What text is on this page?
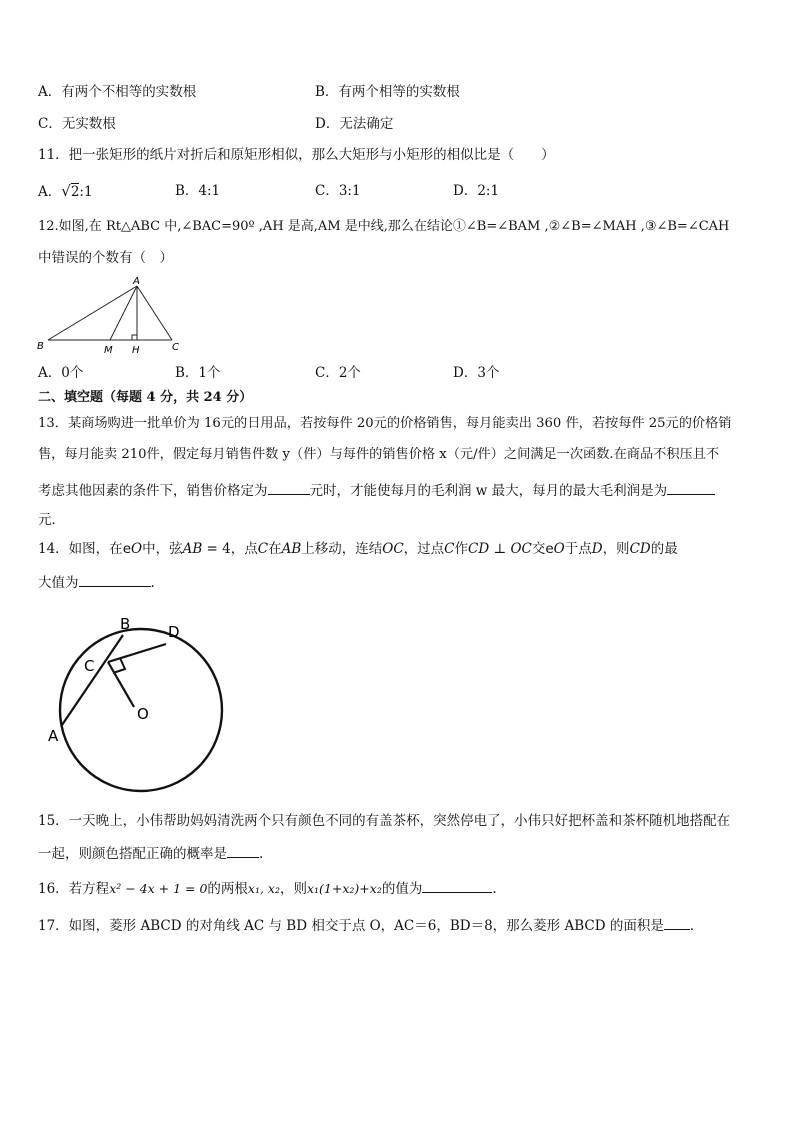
A．有两个不相等的实数根	B．有两个相等的实数根
C．无实数根	D．无法确定
11．把一张矩形的纸片对折后和原矩形相似，那么大矩形与小矩形的相似比是（　　）
A．√2:1	B．4:1	C．3:1	D．2:1
12.如图,在 Rt△ABC 中,∠BAC=90º ,AH 是高,AM 是中线,那么在结论①∠B=∠BAM ,②∠B=∠MAH ,③∠B=∠CAH
中错误的个数有（　）
A
B	C
M H
A．0个	B．1个	C．2个	D．3个
二、填空题（每题 4 分，共 24 分）
13．某商场购进一批单价为 16元的日用品，若按每件 20元的价格销售，每月能卖出 360 件，若按每件 25元的价格销
售，每月能卖 210件，假定每月销售件数 y（件）与每件的销售价格 x（元/件）之间满足一次函数.在商品不积压且不
考虑其他因素的条件下，销售价格定为	元时，才能使每月的毛利润 w 最大，每月的最大毛利润是为
元．
14．如图，在eO中，弦AB = 4，点C在AB上移动，连结OC，过点C作CD ⊥ OC交eO于点D，则CD的最
大值为	.
A
B
C
D
O
15．一天晚上，小伟帮助妈妈清洗两个只有颜色不同的有盖茶杯，突然停电了，小伟只好把杯盖和茶杯随机地搭配在
一起，则颜色搭配正确的概率是 .
16．若方程x² − 4x + 1 = 0的两根x₁, x₂，则x₁(1+x₂)+x₂的值为	.
17．如图，菱形 ABCD 的对角线 AC 与 BD 相交于点 O，AC＝6，BD＝8，那么菱形 ABCD 的面积是 ．
